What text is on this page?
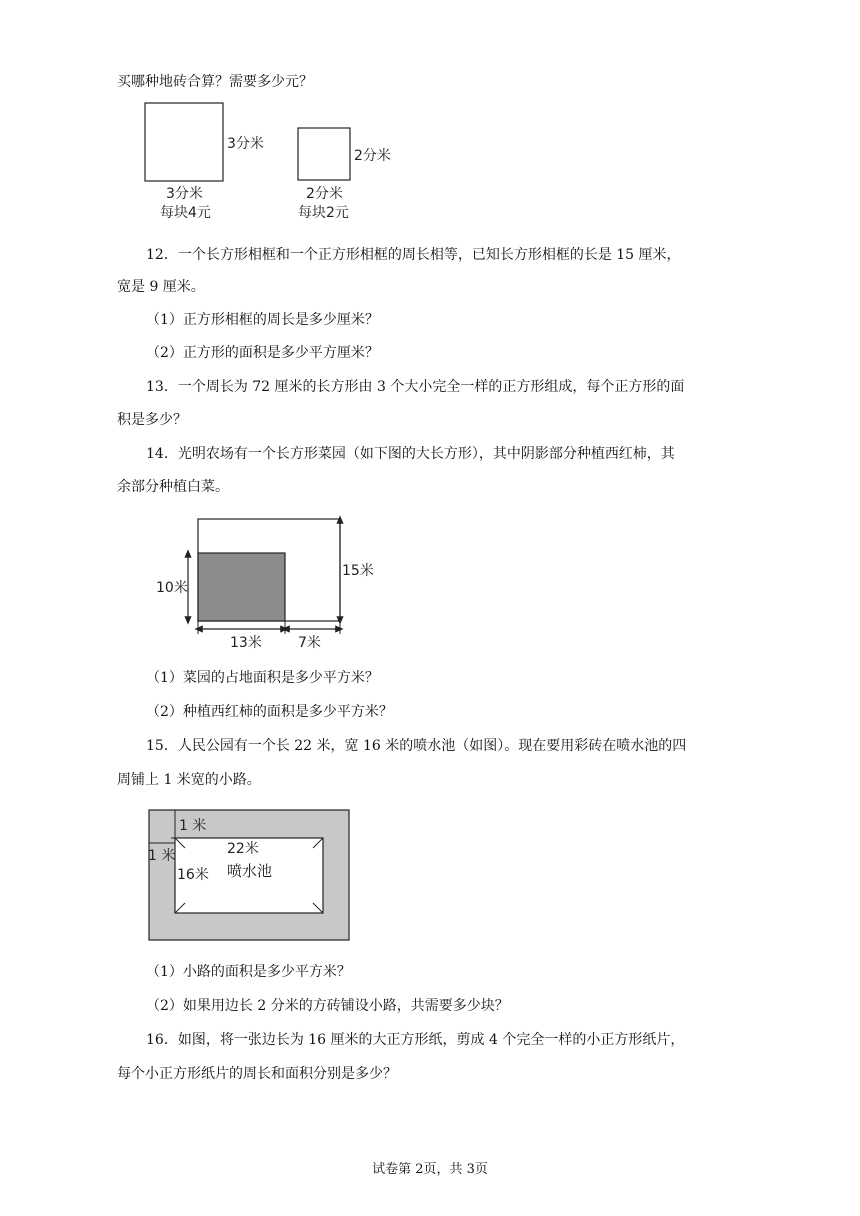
买哪种地砖合算？需要多少元？
3分米
3分米
每块4元
2分米
2分米
每块2元
12．一个长方形相框和一个正方形相框的周长相等，已知长方形相框的长是 15 厘米，
宽是 9 厘米。
（1）正方形相框的周长是多少厘米？
（2）正方形的面积是多少平方厘米？
13．一个周长为 72 厘米的长方形由 3 个大小完全一样的正方形组成，每个正方形的面
积是多少？
14．光明农场有一个长方形菜园（如下图的大长方形），其中阴影部分种植西红柿，其
余部分种植白菜。
10米
15米
13米	7米
（1）菜园的占地面积是多少平方米？
（2）种植西红柿的面积是多少平方米？
15．人民公园有一个长 22 米，宽 16 米的喷水池（如图）。现在要用彩砖在喷水池的四
周铺上 1 米宽的小路。
1 米
1 米	22米
16米 喷水池
（1）小路的面积是多少平方米？
（2）如果用边长 2 分米的方砖铺设小路，共需要多少块？
16．如图，将一张边长为 16 厘米的大正方形纸，剪成 4 个完全一样的小正方形纸片，
每个小正方形纸片的周长和面积分别是多少？
试卷第 2页，共 3页
